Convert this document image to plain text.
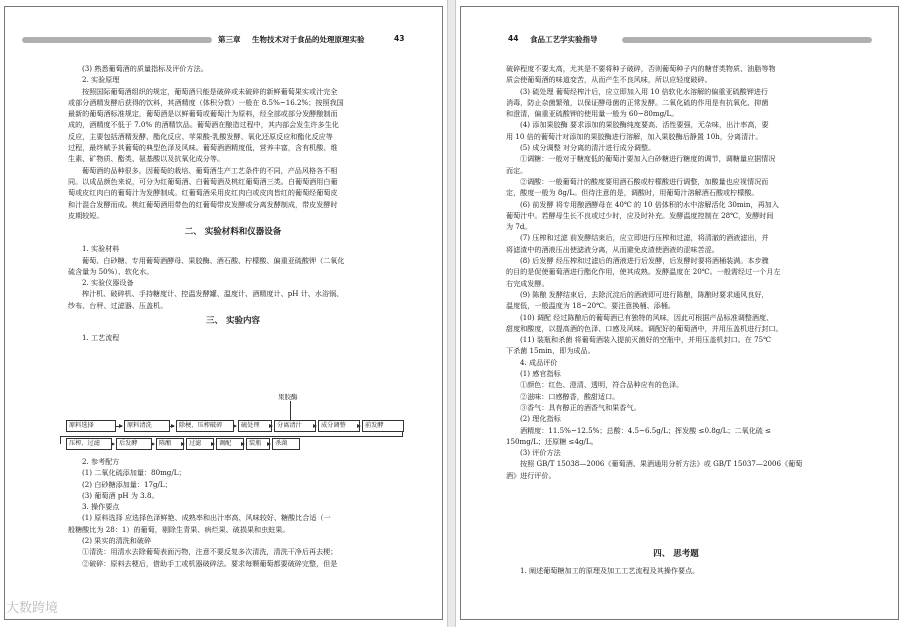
第三章 生物技术对于食品的处理原理实验	43

(3) 熟悉葡萄酒的质量指标及评价方法。

2. 实验原理

按照国际葡萄酒组织的规定，葡萄酒只能是破碎或未破碎的新鲜葡萄果实或汁完全

或部分酒精发酵后获得的饮料，其酒精度（体积分数）一般在 8.5%~16.2%；按照我国

最新的葡萄酒标准规定，葡萄酒是以鲜葡萄或葡萄汁为原料，经全部或部分发酵酿制而

成的，酒精度不低于 7.0% 的酒精饮品。葡萄酒在酿造过程中，其内部会发生许多生化

反应，主要包括酒精发酵、酯化反应、苹果酸-乳酸发酵、氧化还原反应和酯化反应等

过程，最终赋予其葡萄的典型色泽及风味。葡萄酒酒精度低，营养丰富，含有机酸、维

生素、矿物质、酯类、氨基酸以及抗氧化成分等。

葡萄酒的品种很多，因葡萄的栽培、葡萄酒生产工艺条件的不同，产品风格各不相

同。以成品颜色来说，可分为红葡萄酒、白葡萄酒及桃红葡萄酒三类。白葡萄酒用白葡

萄或皮红肉白的葡萄汁为发酵制成。红葡萄酒采用皮红肉白或皮肉皆红的葡萄经葡萄皮

和汁混合发酵而成。桃红葡萄酒用带色的红葡萄带皮发酵或分离发酵制成，带皮发酵时

皮期较短。

二、 实验材料和仪器设备

1. 实验材料

葡萄、白砂糖、专用葡萄酒酵母、果胶酶、酒石酸、柠檬酸、偏重亚硫酸钾（二氧化

硫含量为 50%）、软化水。

2. 实验仪器设备

榨汁机、破碎机、手持糖度计、控温发酵罐、温度计、酒精度计、pH 计、水浴锅、

纱布、台秤、过滤器、压盖机。

三、 实验内容

1. 工艺流程

果胶酶
原料选择	原料清洗	除梗、压榨破碎	硫处理	分离清汁	成分调整	前发酵
压榨、过滤	后发酵	陈酿	过滤	调配	装瓶	杀菌

2. 参考配方

(1) 二氧化硫添加量：80mg/L；

(2) 白砂糖添加量：17g/L；

(3) 葡萄酒 pH 为 3.8。

3. 操作要点

(1) 原料选择 应选择色泽鲜艳、成熟率和出汁率高、风味较好、糖酸比合适（一

般糖酸比为 28：1）的葡萄，剔除生青果、病烂果、破损果和虫蛀果。

(2) 果实的清洗和破碎

①清洗：用清水去除葡萄表面污物，注意不要反复多次清洗，清洗干净后再去梗；

②破碎：原料去梗后，借助手工或机器破碎法。要求每颗葡萄都要破碎完整，但是

44 食品工艺学实验指导

破碎程度不要太高，尤其是不要将种子破碎，否则葡萄种子内的糖苷类物质、油脂等物

质会使葡萄酒的味道变苦，从而产生不良风味，所以应轻度破碎。

(3) 硫处理 葡萄经榨汁后，应立即加入用 10 倍软化水溶解的偏重亚硫酸钾进行

消毒，防止杂菌繁殖，以保证酵母菌的正常发酵。二氧化硫的作用是有抗氧化、抑菌

和澄清，偏重亚硫酸钾的使用量一般为 60~80mg/L。

(4) 添加果胶酶 要求添加的果胶酶纯度要高、活性要强，无杂味，出汁率高，要

用 10 倍的葡萄汁对添加的果胶酶进行溶解，加入果胶酶后静置 10h，分离清汁。

(5) 成分调整 对分离的清汁进行成分调整。

①调糖：一般对于糖度低的葡萄汁要加入白砂糖进行糖度的调节，调糖量应据情况

而定。

②调酸：一般葡萄汁的酸度要用酒石酸或柠檬酸进行调整，加酸量也应视情况而

定，酸度一般为 8g/L。但待注意的是，调酸时，用葡萄汁溶解酒石酸或柠檬酸。

(6) 前发酵 将专用酿酒酵母在 40℃ 的 10 倍体积的水中溶解活化 30min，再加入

葡萄汁中。若酵母生长不良或过少时，应及时补充。发酵温度控制在 28℃，发酵时间

为 7d。

(7) 压榨和过滤 前发酵结束后，应立即进行压榨和过滤，将清澈的酒液滤出，并

将滤渣中的酒液压出使滤液分离，从而避免皮渣使酒液的涩味苦涩。

(8) 后发酵 经压榨和过滤后的酒液进行后发酵，后发酵时要将酒桶装满。本步骤

的目的是促使葡萄酒进行酯化作用，使其成熟。发酵温度在 20℃。一般需经过一个月左

右完成发酵。

(9) 陈酿 发酵结束后，去除沉淀后的酒液即可进行陈酿，陈酿时要求通风良好，

温度低，一般温度为 18~20℃。要注意换桶、添桶。

(10) 调配 经过陈酿后的葡萄酒已有独特的风味，因此可根据产品标准调整酒度、

甜度和酸度，以提高酒的色泽、口感及风味。调配好的葡萄酒中，并用压盖机进行封口。

(11) 装瓶和杀菌 将葡萄酒装入提前灭菌好的空瓶中，并用压盖机封口。在 75℃

下杀菌 15min，即为成品。

4. 成品评价

(1) 感官指标

①颜色：红色、澄清、透明，符合品种应有的色泽。

②滋味：口感醇香，酸甜适口。

③香气：具有醇正的酒香气和果香气。

(2) 理化指标

酒精度：11.5%~12.5%；总酸：4.5~6.5g/L；挥发酸 ≤0.8g/L；二氧化硫 ≤

150mg/L；还原糖 ≤4g/L。

(3) 评价方法

按照 GB/T 15038—2006《葡萄酒、果酒通用分析方法》或 GB/T 15037—2006《葡萄

酒》进行评价。

四、 思考题

1. 阐述葡萄糖加工的原理及加工工艺流程及其操作要点。

大数跨境
